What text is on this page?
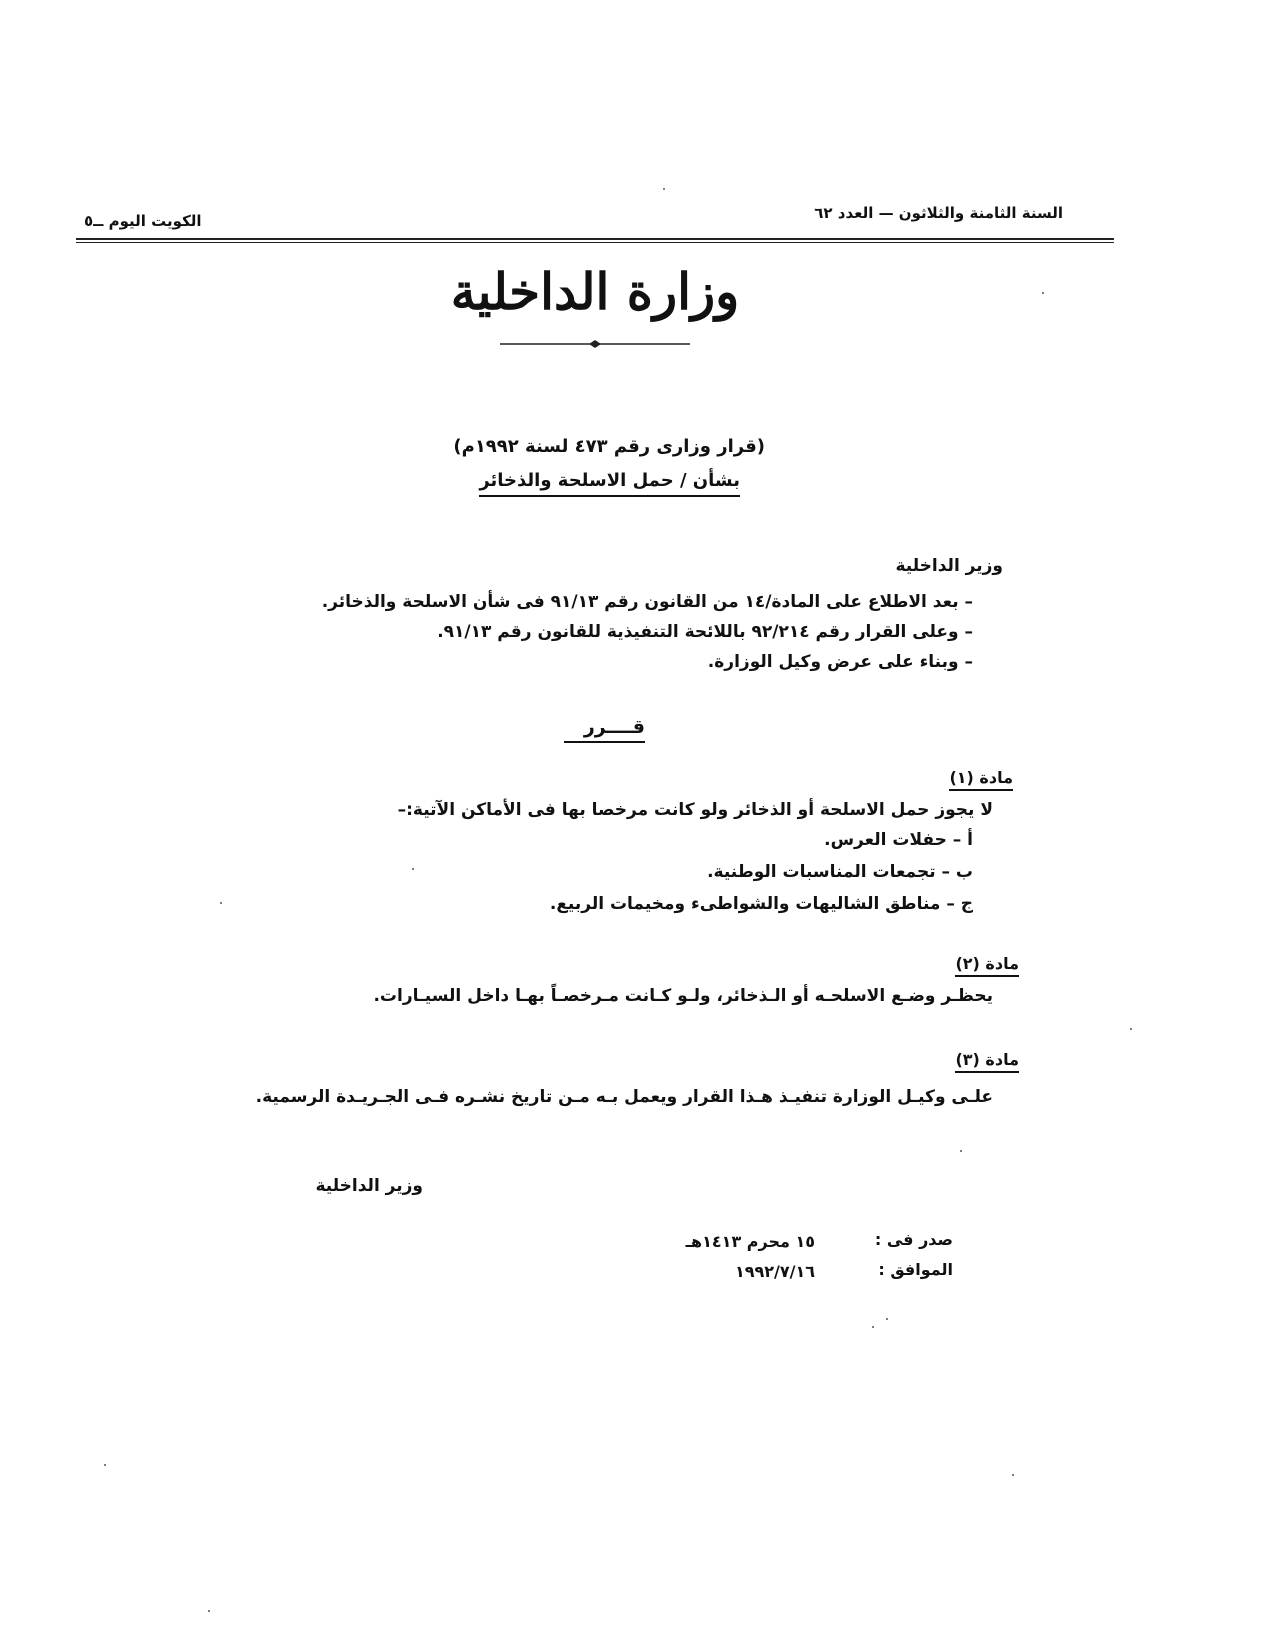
السنة الثامنة والثلاثون — العدد ٦٢
الكويت اليوم ــ٥
وزارة الداخلية
(قرار وزارى رقم ٤٧٣ لسنة ١٩٩٢م)
بشأن / حمل الاسلحة والذخائر
وزير الداخلية
– بعد الاطلاع على المادة/١٤ من القانون رقم ٩١/١٣ فى شأن الاسلحة والذخائر.
– وعلى القرار رقم ٩٢/٢١٤ باللائحة التنفيذية للقانون رقم ٩١/١٣.
– وبناء على عرض وكيل الوزارة.
قــــرر
مادة (١)
لا يجوز حمل الاسلحة أو الذخائر ولو كانت مرخصا بها فى الأماكن الآتية:–
أ – حفلات العرس.
ب – تجمعات المناسبات الوطنية.
ج – مناطق الشاليهات والشواطىء ومخيمات الربيع.
مادة (٢)
يحظـر وضـع الاسلحـه أو الـذخائر، ولـو كـانت مـرخصـاً بهـا داخل السيـارات.
مادة (٣)
علـى وكيـل الوزارة تنفيـذ هـذا القرار ويعمل بـه مـن تاريخ نشـره فـى الجـريـدة الرسمية.
وزير الداخلية
صدر فى :
١٥ محرم ١٤١٣هـ
الموافق :
١٩٩٢/٧/١٦
